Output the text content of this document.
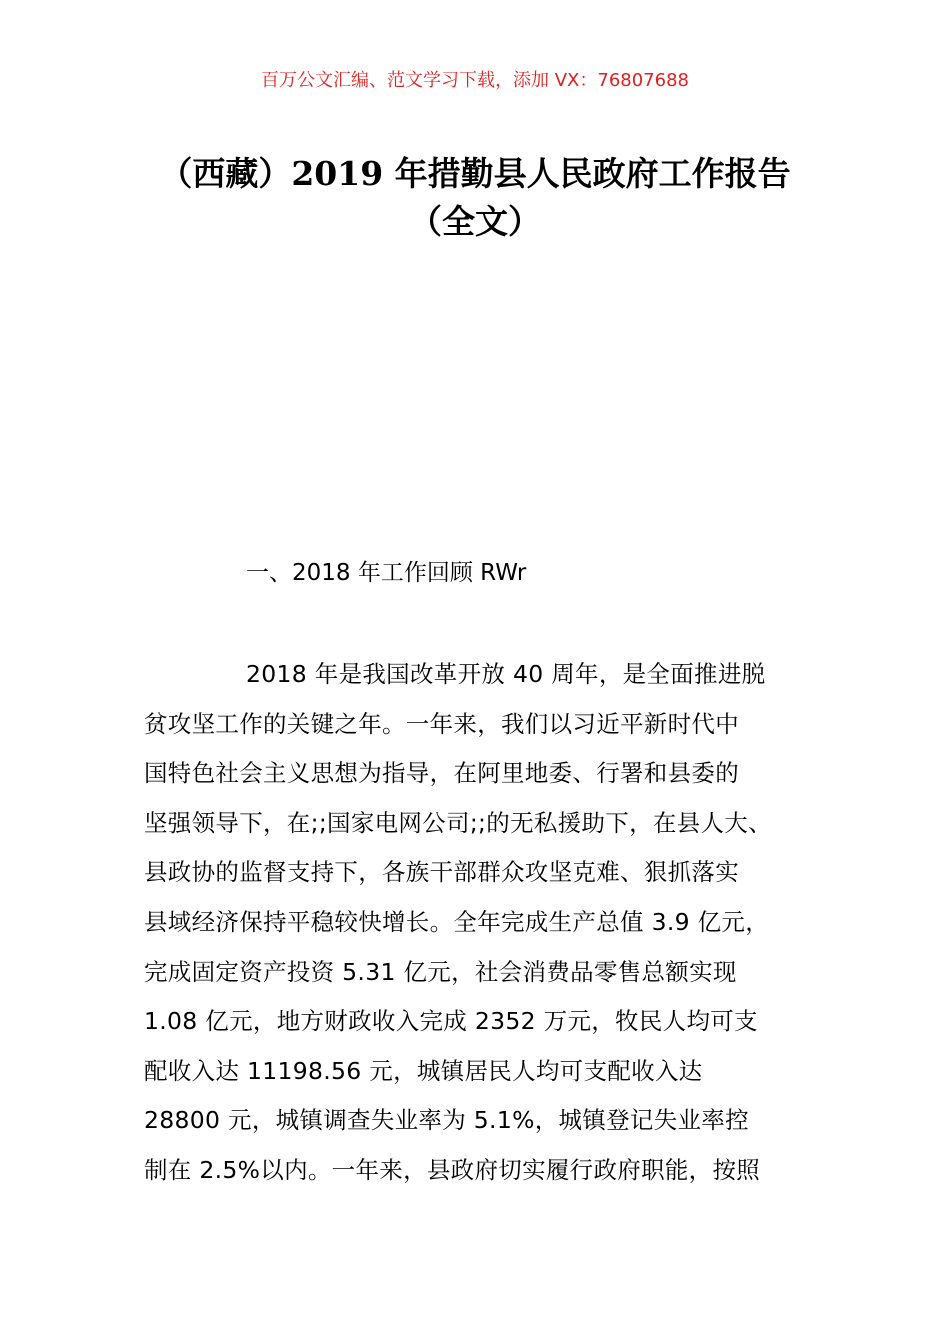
百万公文汇编、范文学习下载，添加 VX：76807688
（西藏）2019 年措勤县人民政府工作报告
（全文）
一、2018 年工作回顾 RWr
2018 年是我国改革开放 40 周年，是全面推进脱
贫攻坚工作的关键之年。一年来，我们以习近平新时代中
国特色社会主义思想为指导，在阿里地委、行署和县委的
坚强领导下，在;;国家电网公司;;的无私援助下，在县人大、
县政协的监督支持下，各族干部群众攻坚克难、狠抓落实
县域经济保持平稳较快增长。全年完成生产总值 3.9 亿元，
完成固定资产投资 5.31 亿元，社会消费品零售总额实现
1.08 亿元，地方财政收入完成 2352 万元，牧民人均可支
配收入达 11198.56 元，城镇居民人均可支配收入达
28800 元，城镇调查失业率为 5.1%，城镇登记失业率控
制在 2.5%以内。一年来，县政府切实履行政府职能，按照
